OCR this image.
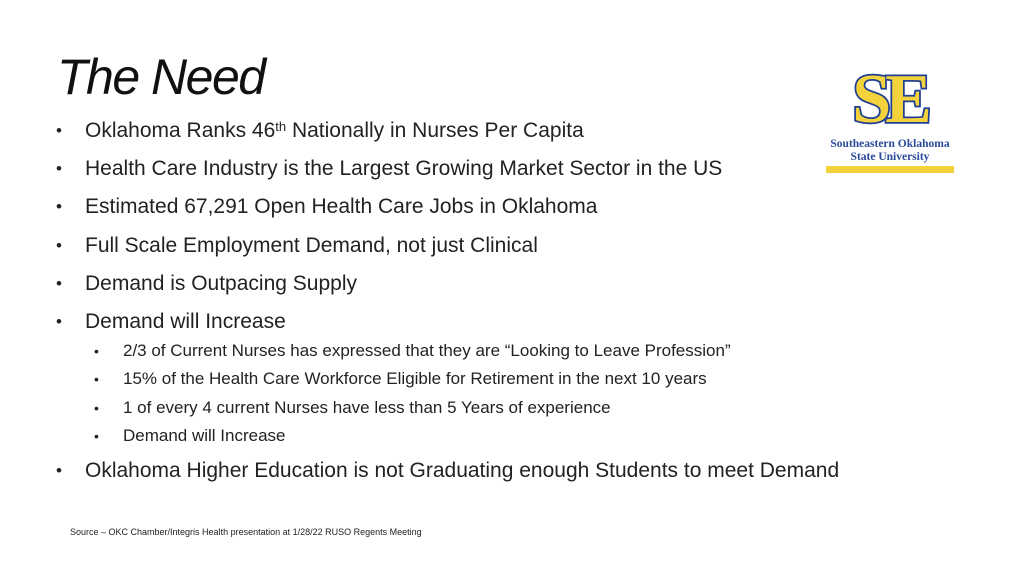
The Need
•	Oklahoma Ranks 46th Nationally in Nurses Per Capita
•	Health Care Industry is the Largest Growing Market Sector in the US
•	Estimated 67,291 Open Health Care Jobs in Oklahoma
•	Full Scale Employment Demand, not just Clinical
•	Demand is Outpacing Supply
•	Demand will Increase
•	2/3 of Current Nurses has expressed that they are “Looking to Leave Profession”
•	15% of the Health Care Workforce Eligible for Retirement in the next 10 years
•	1 of every 4 current Nurses have less than 5 Years of experience
•	Demand will Increase
•	Oklahoma Higher Education is not Graduating enough Students to meet Demand
Source – OKC Chamber/Integris Health presentation at 1/28/22 RUSO Regents Meeting
SE
Southeastern Oklahoma
State University
